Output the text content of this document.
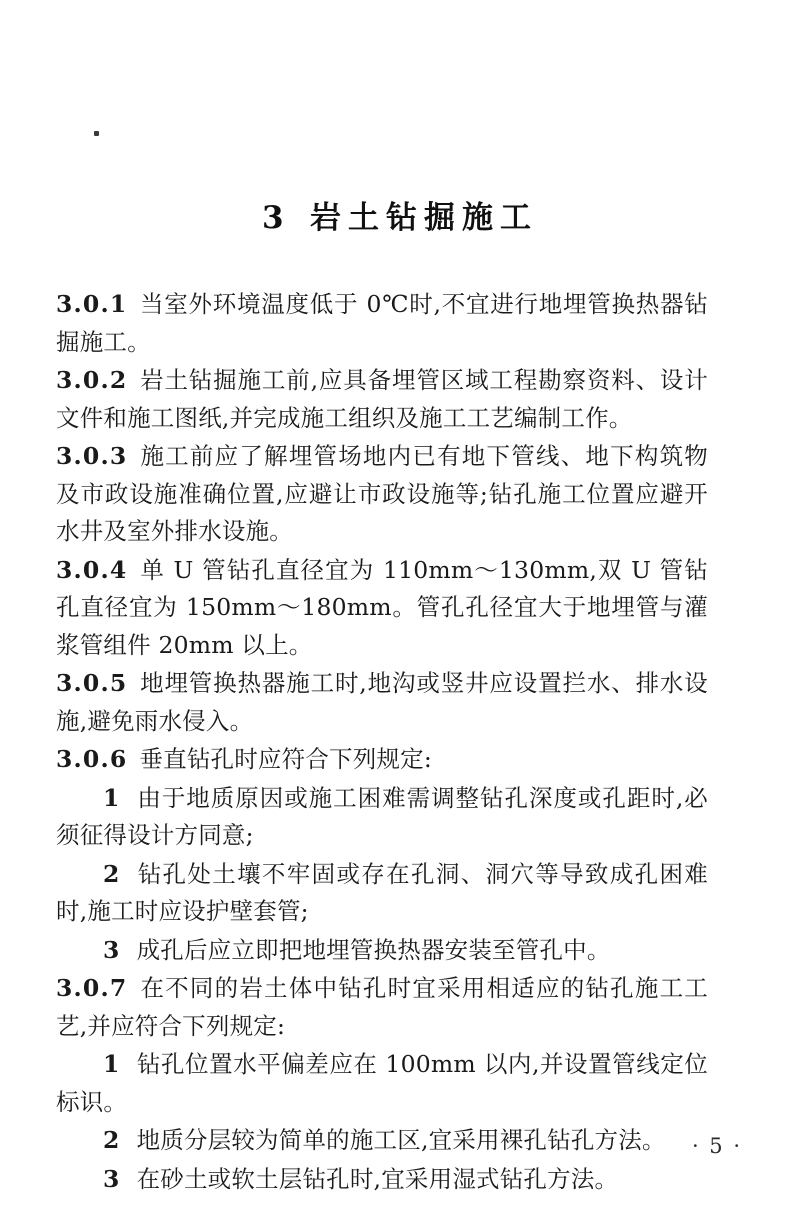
3 岩土钻掘施工

3.0.1 当室外环境温度低于 0℃时,不宜进行地埋管换热器钻掘施工。

3.0.2 岩土钻掘施工前,应具备埋管区域工程勘察资料、设计文件和施工图纸,并完成施工组织及施工工艺编制工作。

3.0.3 施工前应了解埋管场地内已有地下管线、地下构筑物及市政设施准确位置,应避让市政设施等;钻孔施工位置应避开水井及室外排水设施。

3.0.4 单 U 管钻孔直径宜为 110mm～130mm,双 U 管钻孔直径宜为 150mm～180mm。管孔孔径宜大于地埋管与灌浆管组件 20mm 以上。

3.0.5 地埋管换热器施工时,地沟或竖井应设置拦水、排水设施,避免雨水侵入。

3.0.6 垂直钻孔时应符合下列规定:

1 由于地质原因或施工困难需调整钻孔深度或孔距时,必须征得设计方同意;

2 钻孔处土壤不牢固或存在孔洞、洞穴等导致成孔困难时,施工时应设护壁套管;

3 成孔后应立即把地埋管换热器安装至管孔中。

3.0.7 在不同的岩土体中钻孔时宜采用相适应的钻孔施工工艺,并应符合下列规定:

1 钻孔位置水平偏差应在 100mm 以内,并设置管线定位标识。

2 地质分层较为简单的施工区,宜采用裸孔钻孔方法。

3 在砂土或软土层钻孔时,宜采用湿式钻孔方法。

· 5 ·
